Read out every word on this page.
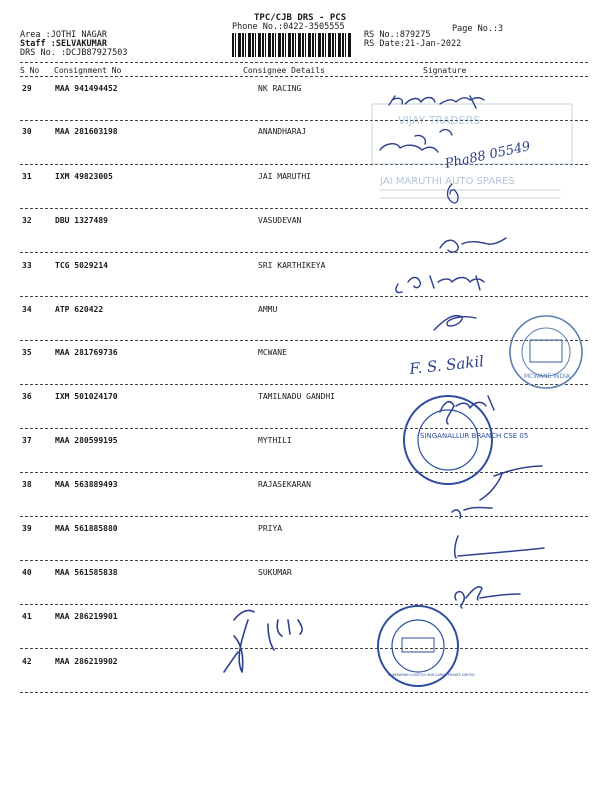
TPC/CJB DRS - PCS
Phone No.:0422-3505555	Page No.:3
Area :JOTHI NAGAR
Staff :SELVAKUMAR
DRS No. :DCJB87927503
RS No.:879275
RS Date:21-Jan-2022
S No Consignment No	Consignee Details	Signature
29	MAA 941494452	NK RACING
30	MAA 281603198	ANANDHARAJ
31	IXM 49823005	JAI MARUTHI
32	DBU 1327489	VASUDEVAN
33	TCG 5029214	SRI KARTHIKEYA
34	ATP 620422	AMMU
35	MAA 281769736	MCWANE
36	IXM 501024170	TAMILNADU GANDHI
37	MAA 280599195	MYTHILI
38	MAA 563889493	RAJASEKARAN
39	MAA 561885880	PRIYA
40	MAA 561585838	SUKUMAR
41	MAA 286219901
42	MAA 286219902
VIJAY TRADERS
JAI MARUTHI AUTO SPARES
Pha88 05549
F. S. Sakil	MCWANE INDIA
SINGANALLUR BRANCH CSE 05
CHAKRAPANI LOGISTICS AND CARGO PRIVATE LIMITED
